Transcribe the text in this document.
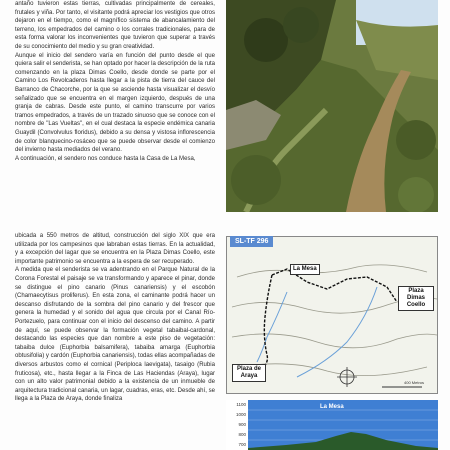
antaño tuvieron estas tierras, cultivadas principalmente de cereales, frutales y viña. Por tanto, el visitante podrá apreciar los vestigios que otros dejaron en el tiempo, como el magnífico sistema de abancalamiento del terreno, los empedrados del camino o los corrales tradicionales, para de esta forma valorar los inconvenientes que tuvieron que superar a través de su conocimiento del medio y su gran creatividad.

Aunque el inicio del sendero varía en función del punto desde el que quiera salir el senderista, se han optado por hacer la descripción de la ruta comenzando en la plaza Dimas Coello, desde donde se parte por el Camino Los Revolcaderos hasta llegar a la pista de tierra del cauce del Barranco de Chacorche, por la que se asciende hasta visualizar el desvío señalizado que se encuentra en el margen izquierdo, después de una granja de cabras. Desde este punto, el camino transcurre por varios tramos empedrados, a través de un trazado sinuoso que se conoce con el nombre de "Las Vueltas", en el cual destaca la especie endémica canaria Guaydil (Convolvulus floridus), debido a su densa y vistosa inflorescencia de color blanquecino-rosáceo que se puede observar desde el comienzo del invierno hasta mediados del verano.

A continuación, el sendero nos conduce hasta la Casa de La Mesa,

ubicada a 550 metros de altitud, construcción del siglo XIX que era utilizada por los campesinos que labraban estas tierras. En la actualidad, y a excepción del lagar que se encuentra en la Plaza Dimas Coello, este importante patrimonio se encuentra a la espera de ser recuperado.

A medida que el senderista se va adentrando en el Parque Natural de la Corona Forestal el paisaje se va transformando y aparece el pinar, donde se distingue el pino canario (Pinus canariensis) y el escobón (Chamaecytisus proliferus). En esta zona, el caminante podrá hacer un descanso disfrutando de la sombra del pino canario y del frescor que genera la humedad y el sonido del agua que circula por el Canal Río-Portezuelo, para continuar con el inicio del descenso del camino. A partir de aquí, se puede observar la formación vegetal tabaibal-cardonal, destacando las especies que dan nombre a este piso de vegetación: tabaiba dulce (Euphorbia balsamifera), tabaiba amarga (Euphorbia obtusifolia) y cardón (Euphorbia canariensis), todas ellas acompañadas de diversos arbustos como el cornical (Periploca laevigata), tasaigo (Rubia fruticosa), etc., hasta llegar a la Finca de Las Haciendas (Araya), lugar con un alto valor patrimonial debido a la existencia de un inmueble de arquitectura tradicional canaria, un lagar, cuadras, eras, etc. Desde ahí, se llega a la Plaza de Araya, donde finaliza

SL-TF 296
La Mesa
Plaza Dimas Coello
Plaza de Araya
400 Metros
1100
1000
900
800
700
La Mesa
